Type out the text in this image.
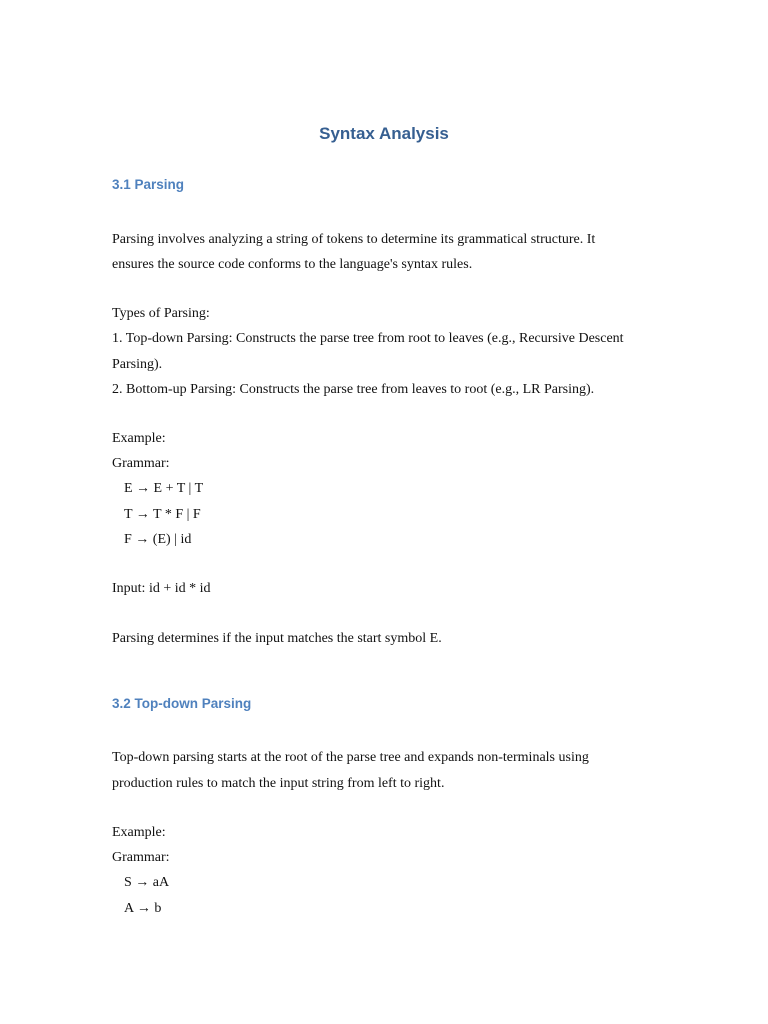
Syntax Analysis
3.1 Parsing
Parsing involves analyzing a string of tokens to determine its grammatical structure. It
ensures the source code conforms to the language's syntax rules.
Types of Parsing:
1. Top-down Parsing: Constructs the parse tree from root to leaves (e.g., Recursive Descent
Parsing).
2. Bottom-up Parsing: Constructs the parse tree from leaves to root (e.g., LR Parsing).
Example:
Grammar:
E → E + T | T
T → T * F | F
F → (E) | id
Input: id + id * id
Parsing determines if the input matches the start symbol E.
3.2 Top-down Parsing
Top-down parsing starts at the root of the parse tree and expands non-terminals using
production rules to match the input string from left to right.
Example:
Grammar:
S → aA
A → b
